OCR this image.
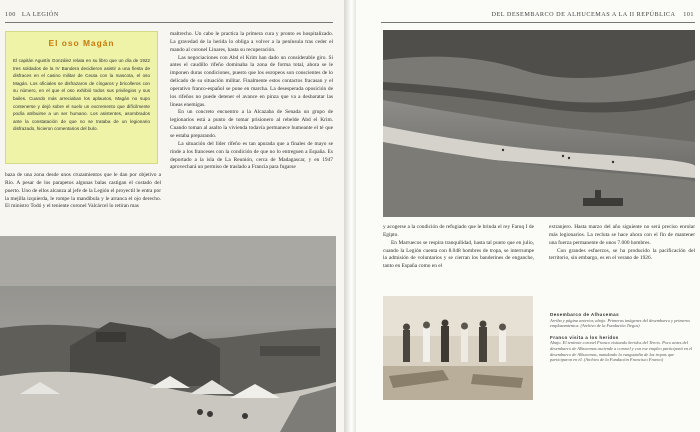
100 LA LEGIÓN
El oso Magán

El capitán Agustín González relata en su libro que un día de 1922 tres soldados de la IV Bandera decidieron asistir a una fiesta de disfraces en el casino militar de Ceuta con la mascota, el oso Magán. Los oficiales se disfrazaron de cíngaros y bricolleros con su número, en el que el oso exhibió todos sus privilegios y sus bailes. Cuando más arreciaban los aplausos, Magán no supo contenerse y dejó sobre el suelo un excremento que difícilmente podía atribuirse a un ser humano. Los asistentes, asombrados ante la constatación de que no se trataba de un legionario disfrazado, hicieron comentarios del bulo.

baza de una zona desde unos cruzamientos que le dan por objetivo a Río. A pesar de los parapetos algunas balas castigan el costado del puerto. Uno de ellos alcanza al jefe de la Legión el proyectil le entra por la mejilla izquierda, le rompe la mandíbula y le arranca el ojo derecho. El ministro Todó y el teniente coronel Valcárcel lo retiran mas

maltrecho. Un cabo le practica la primera cura y pronto es hospitalizado. La gravedad de la herida lo obliga a volver a la península tras ceder el mando al coronel Linares, hasta su recuperación.

Las negociaciones con Abd el Krim han dado un considerable giro. Si antes el caudillo rifeño dominaba la zona de forma total, ahora se le imponen duras condiciones, puesto que los europeos son conscientes de lo delicado de su situación militar. Finalmente estos contactos fracasan y el operativo franco-español se pone en marcha. La desesperada oposición de los rifeños no puede detener el avance en pinza que va a desbaratar las líneas enemigas.

En un concreto encuentro a la Alcazaba de Senada un grupo de legionarios está a punto de tomar prisionero al rebelde Abd el Krim. Cuando toman al asalto la vivienda todavía permanece humeante el té que se estaba preparando.

La situación del líder rifeño es tan apurada que a finales de mayo se rinde a los franceses con la condición de que no lo entreguen a España. Es deportado a la isla de La Reunión, cerca de Madagascar, y en 1947 aprovechará un permiso de traslado a Francia para fugarse

DEL DESEMBARCO DE ALHUCEMAS A LA II REPÚBLICA 101

y acogerse a la condición de refugiado que le brinda el rey Faruq I de Egipto.

En Marruecos se respira tranquilidad, hasta tal punto que en julio, cuando la Legión cuenta con 8.048 hombres de tropa, se interrumpe la admisión de voluntarios y se cierran los banderines de enganche, tanto en España como en el

extranjero. Hasta marzo del año siguiente no será preciso enrolar más legionarios. La recluta se hace ahora con el fin de mantener una fuerza permanente de unos 7.000 hombres.

Con grandes esfuerzos, se ha producido la pacificación del territorio, sin embargo, es en el verano de 1926.

Desembarco de Alhucemas
Arriba y página anterior, abajo. Primeras imágenes del desembarco y primeros emplazamientos. (Archivo de la Fundación Tiegos)
Franco visita a los heridos
Abajo. El teniente coronel Franco visitando heridos del Tercio. Poco antes del desembarco de Alhucemas asciende a coronel y con ese empleo participará en el desembarco de Alhucemas, mandando la vanguardia de las tropas que participaron en él. (Archivo de la Fundación Francisco Franco)
